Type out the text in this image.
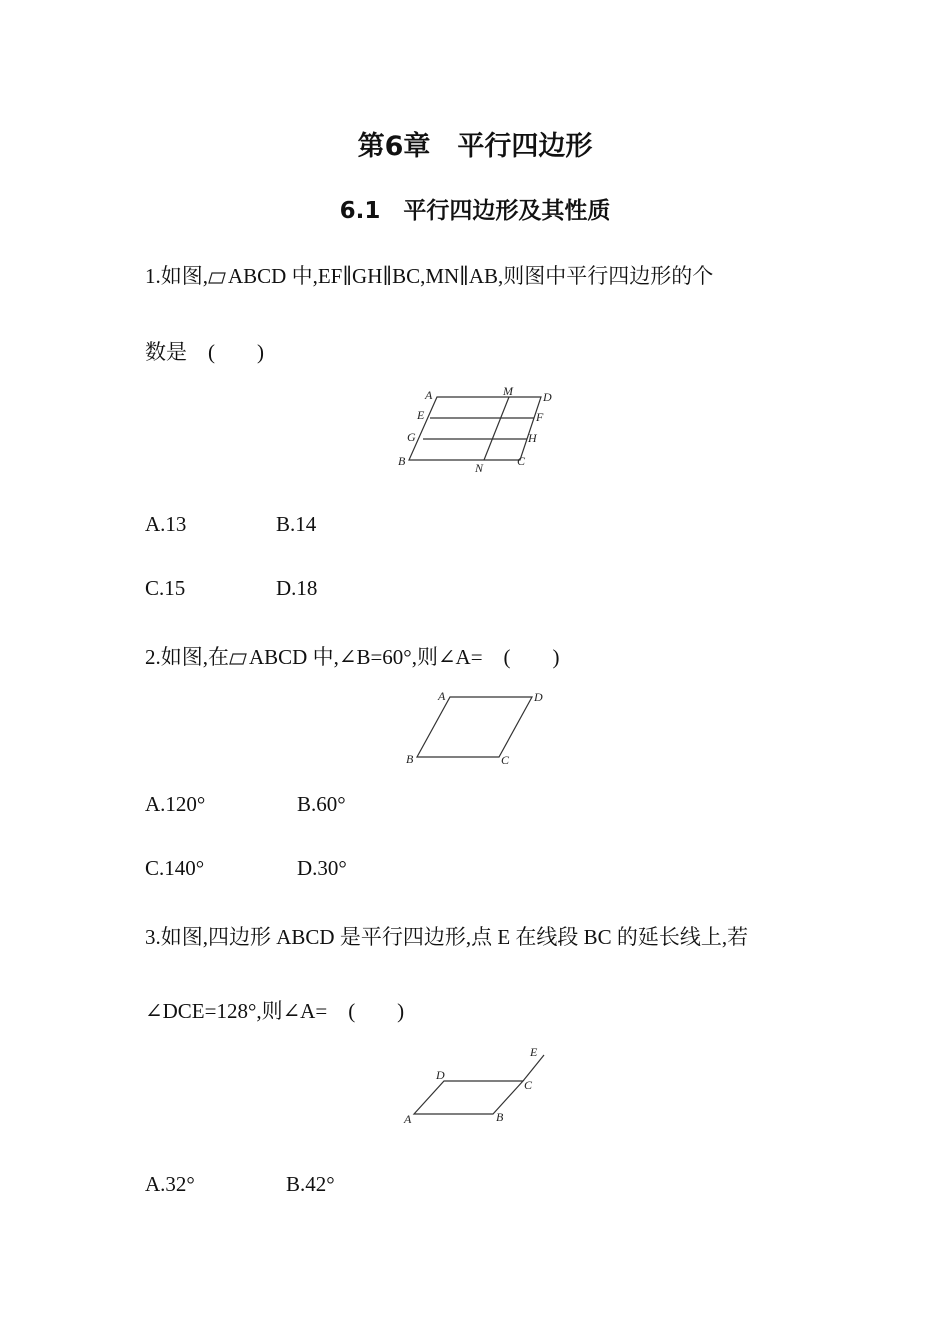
第6章　平行四边形
6.1　平行四边形及其性质
1.如图, ABCD 中,EF∥GH∥BC,MN∥AB,则图中平行四边形的个
数是　(　　)
A	M	D
E	F
G	H
B	N	C
A.13	B.14
C.15	D.18
2.如图,在 ABCD 中,∠B=60°,则∠A=　(　　)
A	D
B	C
A.120°	B.60°
C.140°	D.30°
3.如图,四边形 ABCD 是平行四边形,点 E 在线段 BC 的延长线上,若
∠DCE=128°,则∠A=　(　　)
E
D
C
A	B
A.32°	B.42°
